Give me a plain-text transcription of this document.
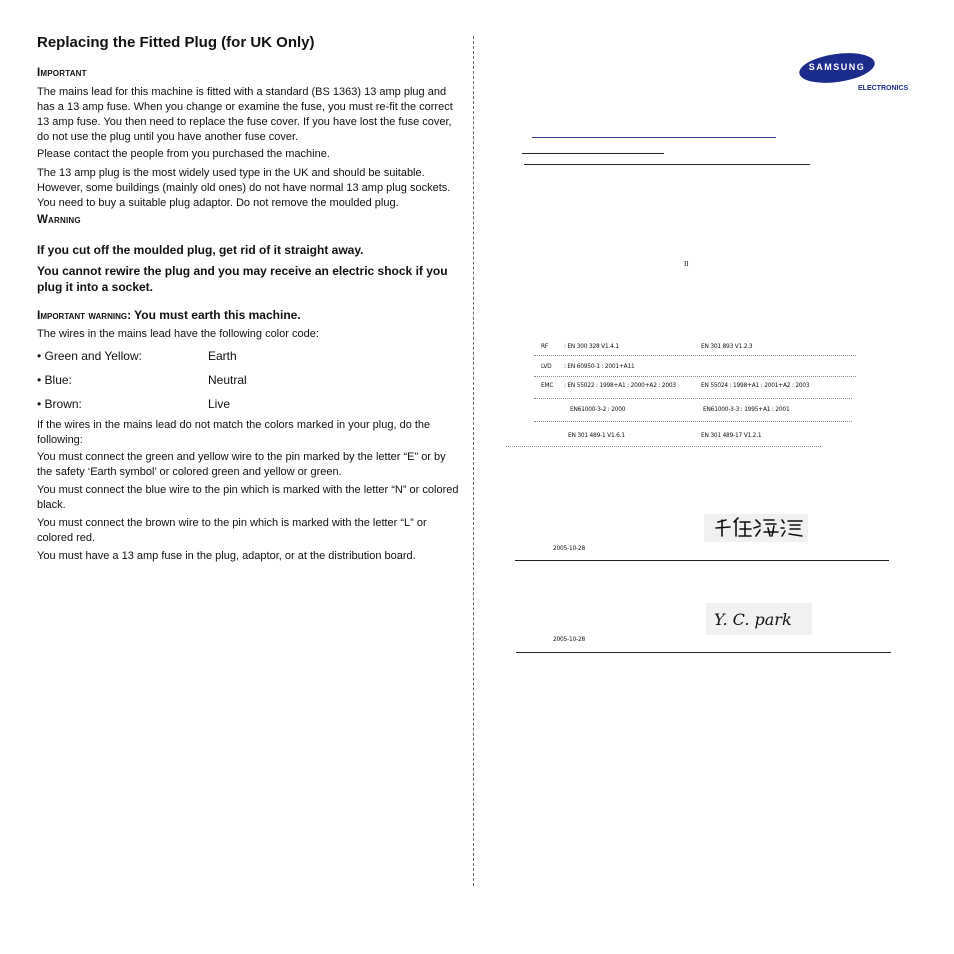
Replacing the Fitted Plug (for UK Only)
Important
The mains lead for this machine is fitted with a standard (BS 1363) 13 amp plug and has a 13 amp fuse. When you change or examine the fuse, you must re-fit the correct 13 amp fuse. You then need to replace the fuse cover. If you have lost the fuse cover, do not use the plug until you have another fuse cover.
Please contact the people from you purchased the machine.
The 13 amp plug is the most widely used type in the UK and should be suitable. However, some buildings (mainly old ones) do not have normal 13 amp plug sockets. You need to buy a suitable plug adaptor. Do not remove the moulded plug.
Warning
If you cut off the moulded plug, get rid of it straight away.
You cannot rewire the plug and you may receive an electric shock if you plug it into a socket.
Important warning: You must earth this machine.
The wires in the mains lead have the following color code:
• Green and Yellow:	Earth
• Blue:	Neutral
• Brown:	Live
If the wires in the mains lead do not match the colors marked in your plug, do the following:
You must connect the green and yellow wire to the pin marked by the letter “E” or by the safety ‘Earth symbol’ or colored green and yellow or green.
You must connect the blue wire to the pin which is marked with the letter “N” or colored black.
You must connect the brown wire to the pin which is marked with the letter “L” or colored red.
You must have a 13 amp fuse in the plug, adaptor, or at the distribution board.
SAMSUNG
ELECTRONICS
II
RF : EN 300 328 V1.4.1	EN 301 893 V1.2.3
LVD : EN 60950-1 : 2001+A11
EMC : EN 55022 : 1998+A1 : 2000+A2 : 2003	EN 55024 : 1998+A1 : 2001+A2 : 2003
EN61000-3-2 : 2000	EN61000-3-3 : 1995+A1 : 2001
EN 301 489-1 V1.6.1	EN 301 489-17 V1.2.1
2005-10-28
Y. C. park
2005-10-28
